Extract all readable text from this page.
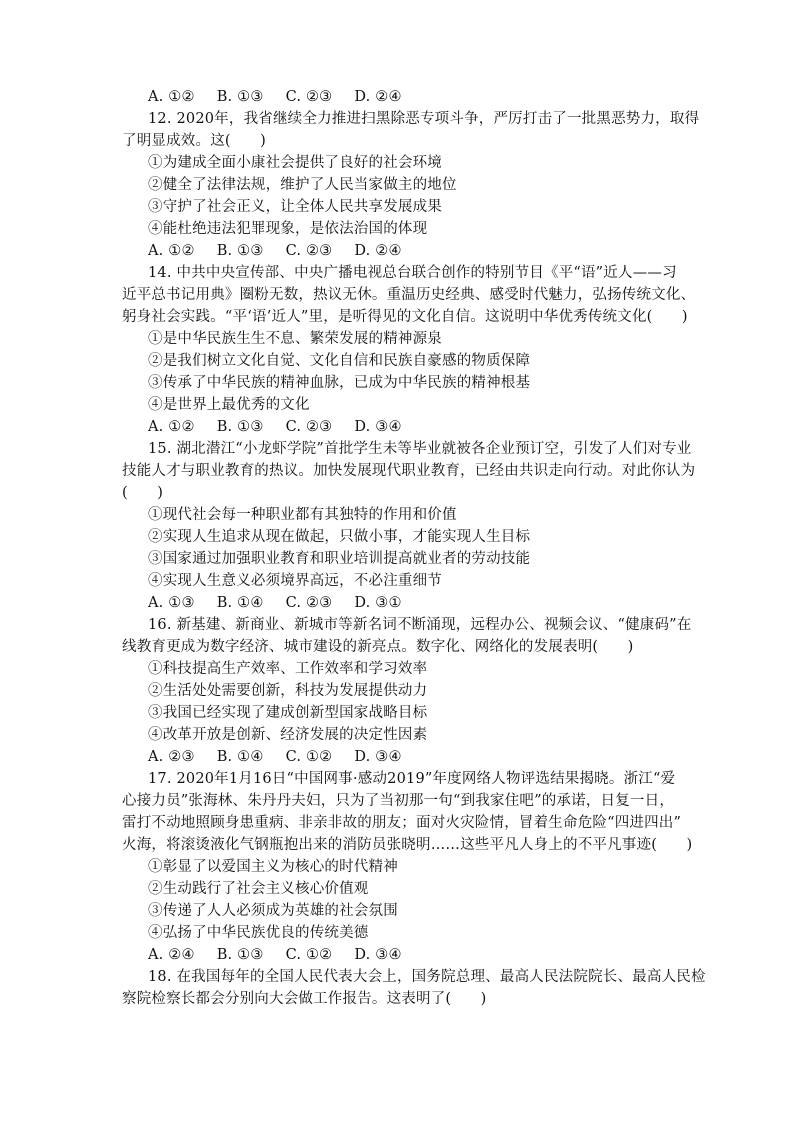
A. ①② B. ①③ C. ②③ D. ②④
12. 2020年，我省继续全力推进扫黑除恶专项斗争，严厉打击了一批黑恶势力，取得
了明显成效。这(　　)
①为建成全面小康社会提供了良好的社会环境
②健全了法律法规，维护了人民当家做主的地位
③守护了社会正义，让全体人民共享发展成果
④能杜绝违法犯罪现象，是依法治国的体现
A. ①② B. ①③ C. ②③ D. ②④
14. 中共中央宣传部、中央广播电视总台联合创作的特别节目《平“语”近人——习
近平总书记用典》圈粉无数，热议无休。重温历史经典、感受时代魅力，弘扬传统文化、
躬身社会实践。“平‘语’近人”里，是听得见的文化自信。这说明中华优秀传统文化(　　)
①是中华民族生生不息、繁荣发展的精神源泉
②是我们树立文化自觉、文化自信和民族自豪感的物质保障
③传承了中华民族的精神血脉，已成为中华民族的精神根基
④是世界上最优秀的文化
A. ①② B. ①③ C. ②③ D. ③④
15. 湖北潜江“小龙虾学院”首批学生未等毕业就被各企业预订空，引发了人们对专业
技能人才与职业教育的热议。加快发展现代职业教育，已经由共识走向行动。对此你认为
(　　)
①现代社会每一种职业都有其独特的作用和价值
②实现人生追求从现在做起，只做小事，才能实现人生目标
③国家通过加强职业教育和职业培训提高就业者的劳动技能
④实现人生意义必须境界高远，不必注重细节
A. ①③ B. ①④ C. ②③ D. ③①
16. 新基建、新商业、新城市等新名词不断涌现，远程办公、视频会议、“健康码”在
线教育更成为数字经济、城市建设的新亮点。数字化、网络化的发展表明(　　)
①科技提高生产效率、工作效率和学习效率
②生活处处需要创新，科技为发展提供动力
③我国已经实现了建成创新型国家战略目标
④改革开放是创新、经济发展的决定性因素
A. ②③ B. ①④ C. ①② D. ③④
17. 2020年1月16日“中国网事·感动2019”年度网络人物评选结果揭晓。浙江“爱
心接力员”张海林、朱丹丹夫妇，只为了当初那一句“到我家住吧”的承诺，日复一日，
雷打不动地照顾身患重病、非亲非故的朋友；面对火灾险情，冒着生命危险“四进四出”
火海，将滚烫液化气钢瓶抱出来的消防员张晓明……这些平凡人身上的不平凡事迹(　　)
①彰显了以爱国主义为核心的时代精神
②生动践行了社会主义核心价值观
③传递了人人必须成为英雄的社会氛围
④弘扬了中华民族优良的传统美德
A. ②④ B. ①③ C. ①② D. ③④
18. 在我国每年的全国人民代表大会上，国务院总理、最高人民法院院长、最高人民检
察院检察长都会分别向大会做工作报告。这表明了(　　)
